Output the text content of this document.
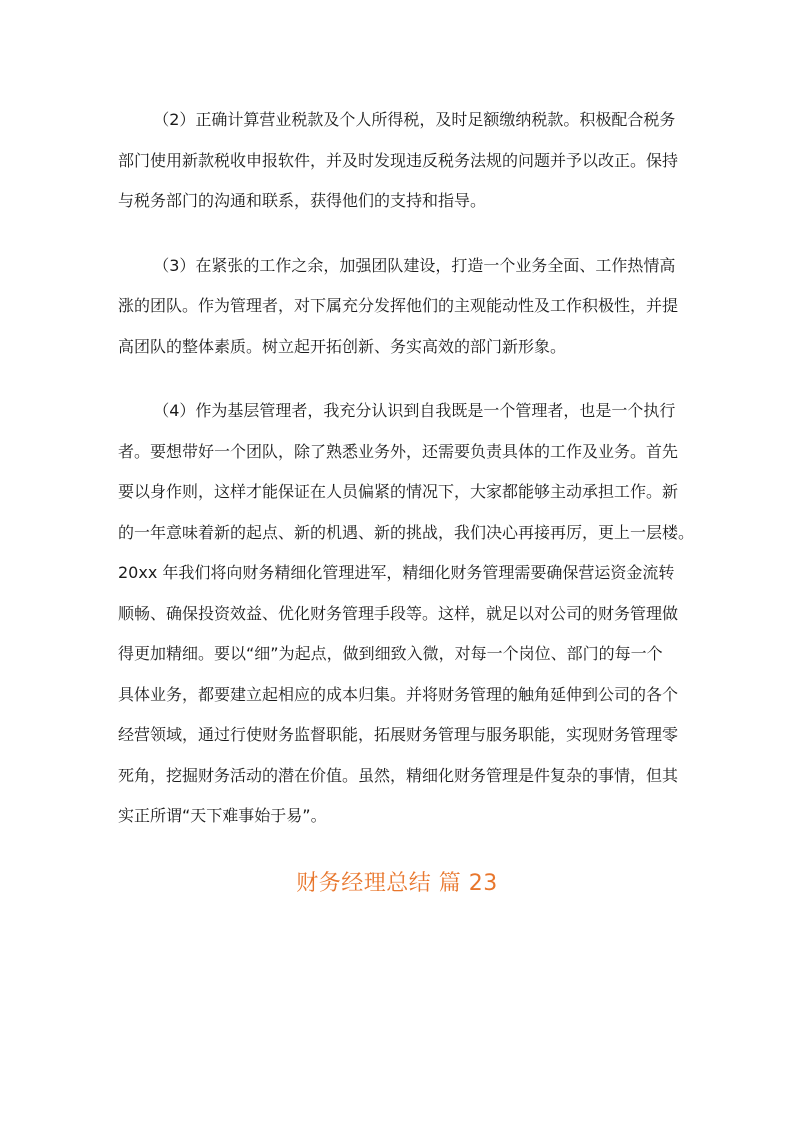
（2）正确计算营业税款及个人所得税，及时足额缴纳税款。积极配合税务
部门使用新款税收申报软件，并及时发现违反税务法规的问题并予以改正。保持
与税务部门的沟通和联系，获得他们的支持和指导。
（3）在紧张的工作之余，加强团队建设，打造一个业务全面、工作热情高
涨的团队。作为管理者，对下属充分发挥他们的主观能动性及工作积极性，并提
高团队的整体素质。树立起开拓创新、务实高效的部门新形象。
（4）作为基层管理者，我充分认识到自我既是一个管理者，也是一个执行
者。要想带好一个团队，除了熟悉业务外，还需要负责具体的工作及业务。首先
要以身作则，这样才能保证在人员偏紧的情况下，大家都能够主动承担工作。新
的一年意味着新的起点、新的机遇、新的挑战，我们决心再接再厉，更上一层楼。
20xx 年我们将向财务精细化管理进军，精细化财务管理需要确保营运资金流转
顺畅、确保投资效益、优化财务管理手段等。这样，就足以对公司的财务管理做
得更加精细。要以“细”为起点，做到细致入微，对每一个岗位、部门的每一个
具体业务，都要建立起相应的成本归集。并将财务管理的触角延伸到公司的各个
经营领域，通过行使财务监督职能，拓展财务管理与服务职能，实现财务管理零
死角，挖掘财务活动的潜在价值。虽然，精细化财务管理是件复杂的事情，但其
实正所谓“天下难事始于易”。
财务经理总结 篇 23
